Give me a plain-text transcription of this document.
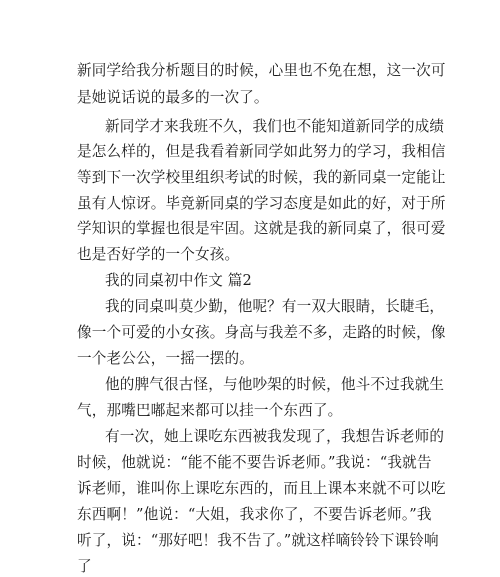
新同学给我分析题目的时候，心里也不免在想，这一次可
是她说话说的最多的一次了。
新同学才来我班不久，我们也不能知道新同学的成绩
是怎么样的，但是我看着新同学如此努力的学习，我相信
等到下一次学校里组织考试的时候，我的新同桌一定能让
虽有人惊讶。毕竟新同桌的学习态度是如此的好，对于所
学知识的掌握也很是牢固。这就是我的新同桌了，很可爱
也是否好学的一个女孩。
我的同桌初中作文 篇2
我的同桌叫莫少勤，他呢？有一双大眼睛，长睫毛，
像一个可爱的小女孩。身高与我差不多，走路的时候，像
一个老公公，一摇一摆的。
他的脾气很古怪，与他吵架的时候，他斗不过我就生
气，那嘴巴嘟起来都可以挂一个东西了。
有一次，她上课吃东西被我发现了，我想告诉老师的
时候，他就说：“能不能不要告诉老师。”我说：“我就告
诉老师，谁叫你上课吃东西的，而且上课本来就不可以吃
东西啊！”他说：“大姐，我求你了，不要告诉老师。”我
听了，说：“那好吧！我不告了。”就这样嘀铃铃下课铃响
了
